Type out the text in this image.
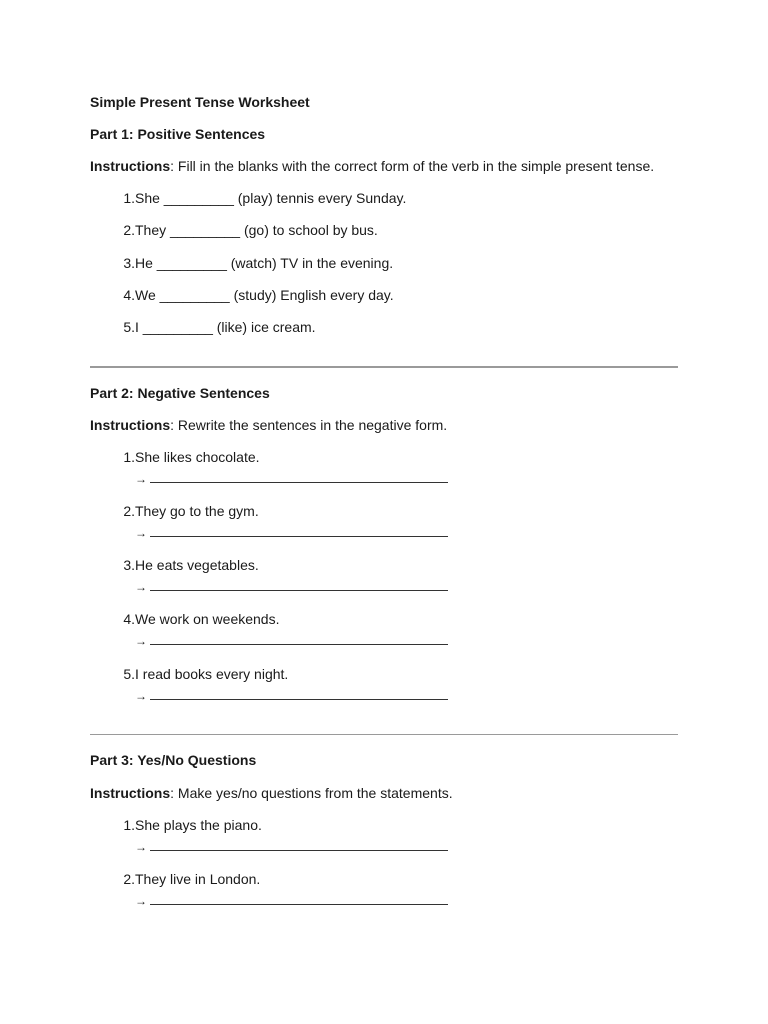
Simple Present Tense Worksheet
Part 1: Positive Sentences
Instructions: Fill in the blanks with the correct form of the verb in the simple present tense.
1. She _________ (play) tennis every Sunday.
2. They _________ (go) to school by bus.
3. He _________ (watch) TV in the evening.
4. We _________ (study) English every day.
5. I _________ (like) ice cream.
Part 2: Negative Sentences
Instructions: Rewrite the sentences in the negative form.
1. She likes chocolate.
→
2. They go to the gym.
→
3. He eats vegetables.
→
4. We work on weekends.
→
5. I read books every night.
→
Part 3: Yes/No Questions
Instructions: Make yes/no questions from the statements.
1. She plays the piano.
→
2. They live in London.
→
